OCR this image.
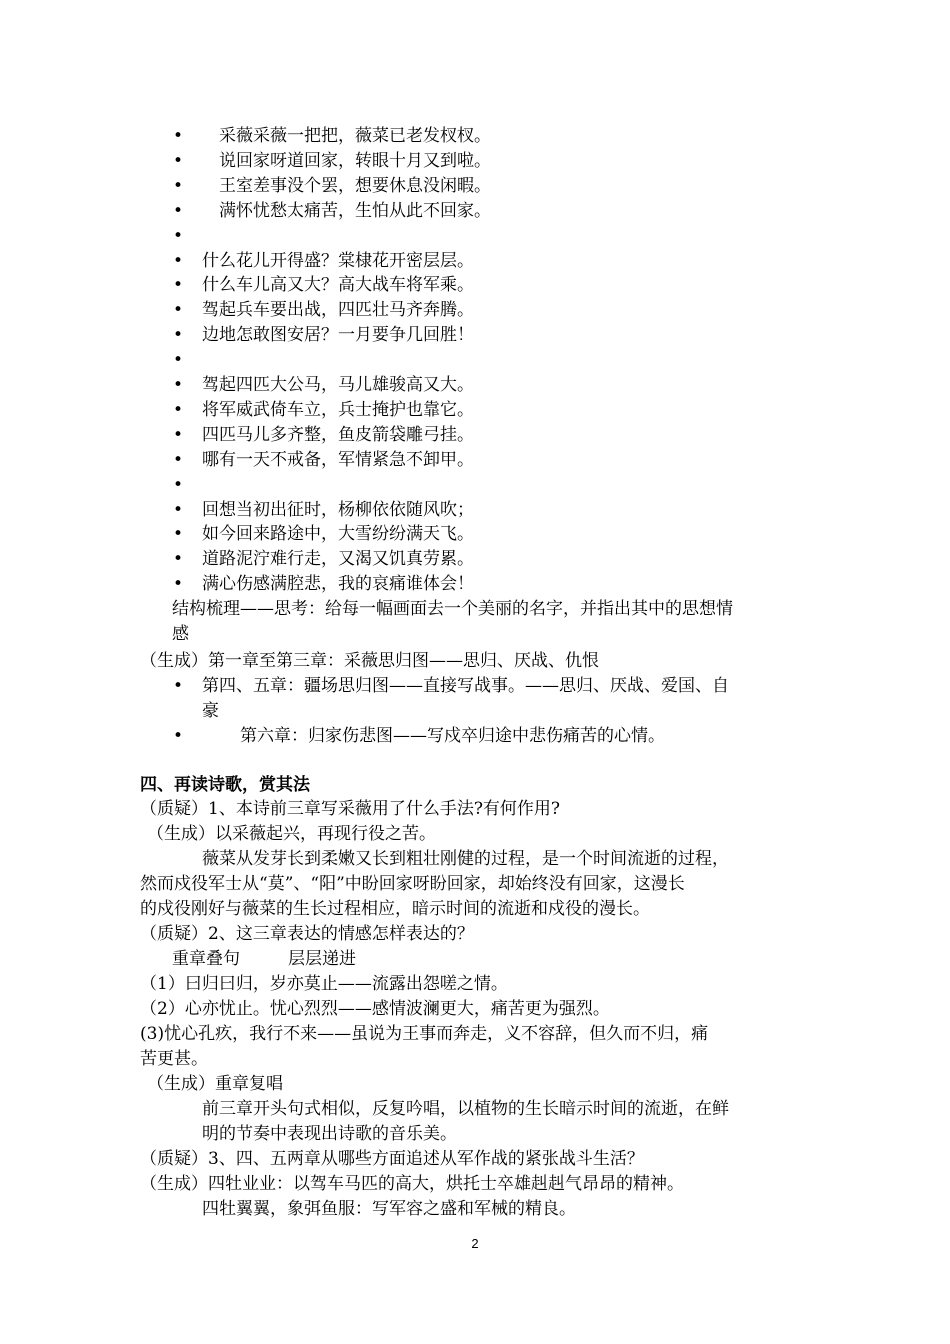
• 　采薇采薇一把把，薇菜已老发杈杈。
• 　说回家呀道回家，转眼十月又到啦。
• 　王室差事没个罢，想要休息没闲暇。
• 　满怀忧愁太痛苦，生怕从此不回家。
•
• 什么花儿开得盛？棠棣花开密层层。
• 什么车儿高又大？高大战车将军乘。
• 驾起兵车要出战，四匹壮马齐奔腾。
• 边地怎敢图安居？一月要争几回胜！
•
• 驾起四匹大公马，马儿雄骏高又大。
• 将军威武倚车立，兵士掩护也靠它。
• 四匹马儿多齐整，鱼皮箭袋雕弓挂。
• 哪有一天不戒备，军情紧急不卸甲。
•
• 回想当初出征时，杨柳依依随风吹；
• 如今回来路途中，大雪纷纷满天飞。
• 道路泥泞难行走，又渴又饥真劳累。
• 满心伤感满腔悲，我的哀痛谁体会！
结构梳理——思考：给每一幅画面去一个美丽的名字，并指出其中的思想情
感
（生成）第一章至第三章：采薇思归图——思归、厌战、仇恨
• 第四、五章：疆场思归图——直接写战事。——思归、厌战、爱国、自
豪
•	第六章：归家伤悲图——写戍卒归途中悲伤痛苦的心情。
四、再读诗歌，赏其法
（质疑）1、本诗前三章写采薇用了什么手法?有何作用?
（生成）以采薇起兴，再现行役之苦。
薇菜从发芽长到柔嫩又长到粗壮刚健的过程，是一个时间流逝的过程，
然而戍役军士从“莫”、“阳”中盼回家呀盼回家，却始终没有回家，这漫长
的戍役刚好与薇菜的生长过程相应，暗示时间的流逝和戍役的漫长。
（质疑）2、这三章表达的情感怎样表达的？
重章叠句	层层递进
（1）曰归曰归，岁亦莫止——流露出怨嗟之情。
（2）心亦忧止。忧心烈烈——感情波澜更大，痛苦更为强烈。
(3)忧心孔疚，我行不来——虽说为王事而奔走，义不容辞，但久而不归，痛
苦更甚。
（生成）重章复唱
前三章开头句式相似，反复吟唱，以植物的生长暗示时间的流逝，在鲜
明的节奏中表现出诗歌的音乐美。
（质疑）3、四、五两章从哪些方面追述从军作战的紧张战斗生活？
（生成）四牡业业：以驾车马匹的高大，烘托士卒雄赳赳气昂昂的精神。
四牡翼翼，象弭鱼服：写军容之盛和军械的精良。
2
